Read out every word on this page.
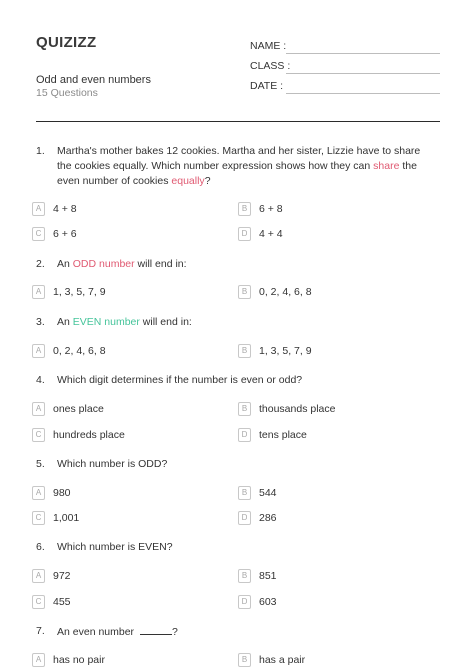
QUIZIZZ
Odd and even numbers
15 Questions
NAME :
CLASS :
DATE :
1. Martha's mother bakes 12 cookies. Martha and her sister, Lizzie have to share the cookies equally. Which number expression shows how they can share the even number of cookies equally?
A	4 + 8	B	6 + 8
C	6 + 6	D	4 + 4
2. An ODD number will end in:
A	1, 3, 5, 7, 9	B	0, 2, 4, 6, 8
3. An EVEN number will end in:
A	0, 2, 4, 6, 8	B	1, 3, 5, 7, 9
4. Which digit determines if the number is even or odd?
A	ones place	B	thousands place
C	hundreds place	D	tens place
5. Which number is ODD?
A	980	B	544
C	1,001	D	286
6. Which number is EVEN?
A	972	B	851
C	455	D	603
7. An even number	?
A	has no pair	B	has a pair
